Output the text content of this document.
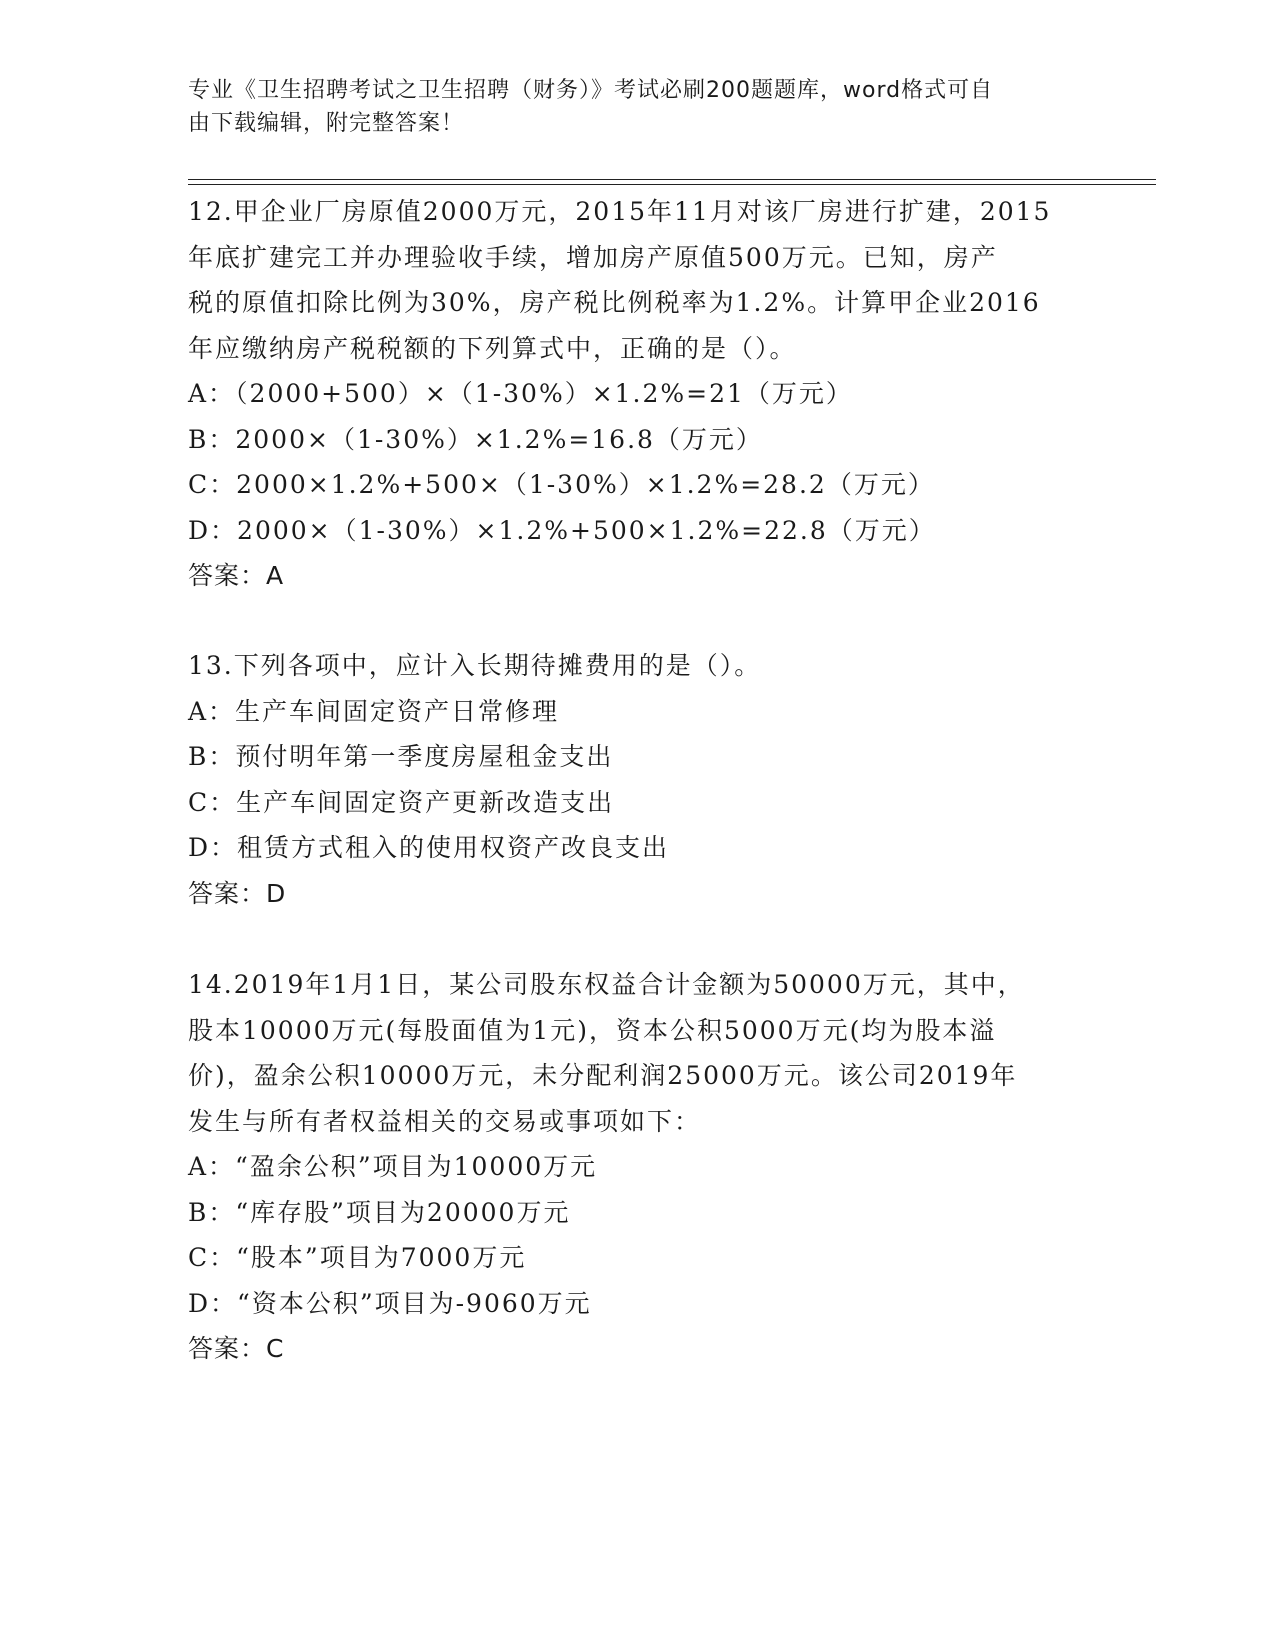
专业《卫生招聘考试之卫生招聘（财务）》考试必刷200题题库，word格式可自
由下载编辑，附完整答案！

12.甲企业厂房原值2000万元，2015年11月对该厂房进行扩建，2015

年底扩建完工并办理验收手续，增加房产原值500万元。已知，房产

税的原值扣除比例为30%，房产税比例税率为1.2%。计算甲企业2016

年应缴纳房产税税额的下列算式中，正确的是（）。

A：（2000+500）×（1-30%）×1.2%=21（万元）

B：2000×（1-30%）×1.2%=16.8（万元）

C：2000×1.2%+500×（1-30%）×1.2%=28.2（万元）

D：2000×（1-30%）×1.2%+500×1.2%=22.8（万元）

答案：A

13.下列各项中，应计入长期待摊费用的是（）。

A：生产车间固定资产日常修理

B：预付明年第一季度房屋租金支出

C：生产车间固定资产更新改造支出

D：租赁方式租入的使用权资产改良支出

答案：D

14.2019年1月1日，某公司股东权益合计金额为50000万元，其中，

股本10000万元(每股面值为1元)，资本公积5000万元(均为股本溢

价)，盈余公积10000万元，未分配利润25000万元。该公司2019年

发生与所有者权益相关的交易或事项如下：

A：“盈余公积”项目为10000万元

B：“库存股”项目为20000万元

C：“股本”项目为7000万元

D：“资本公积”项目为-9060万元

答案：C
